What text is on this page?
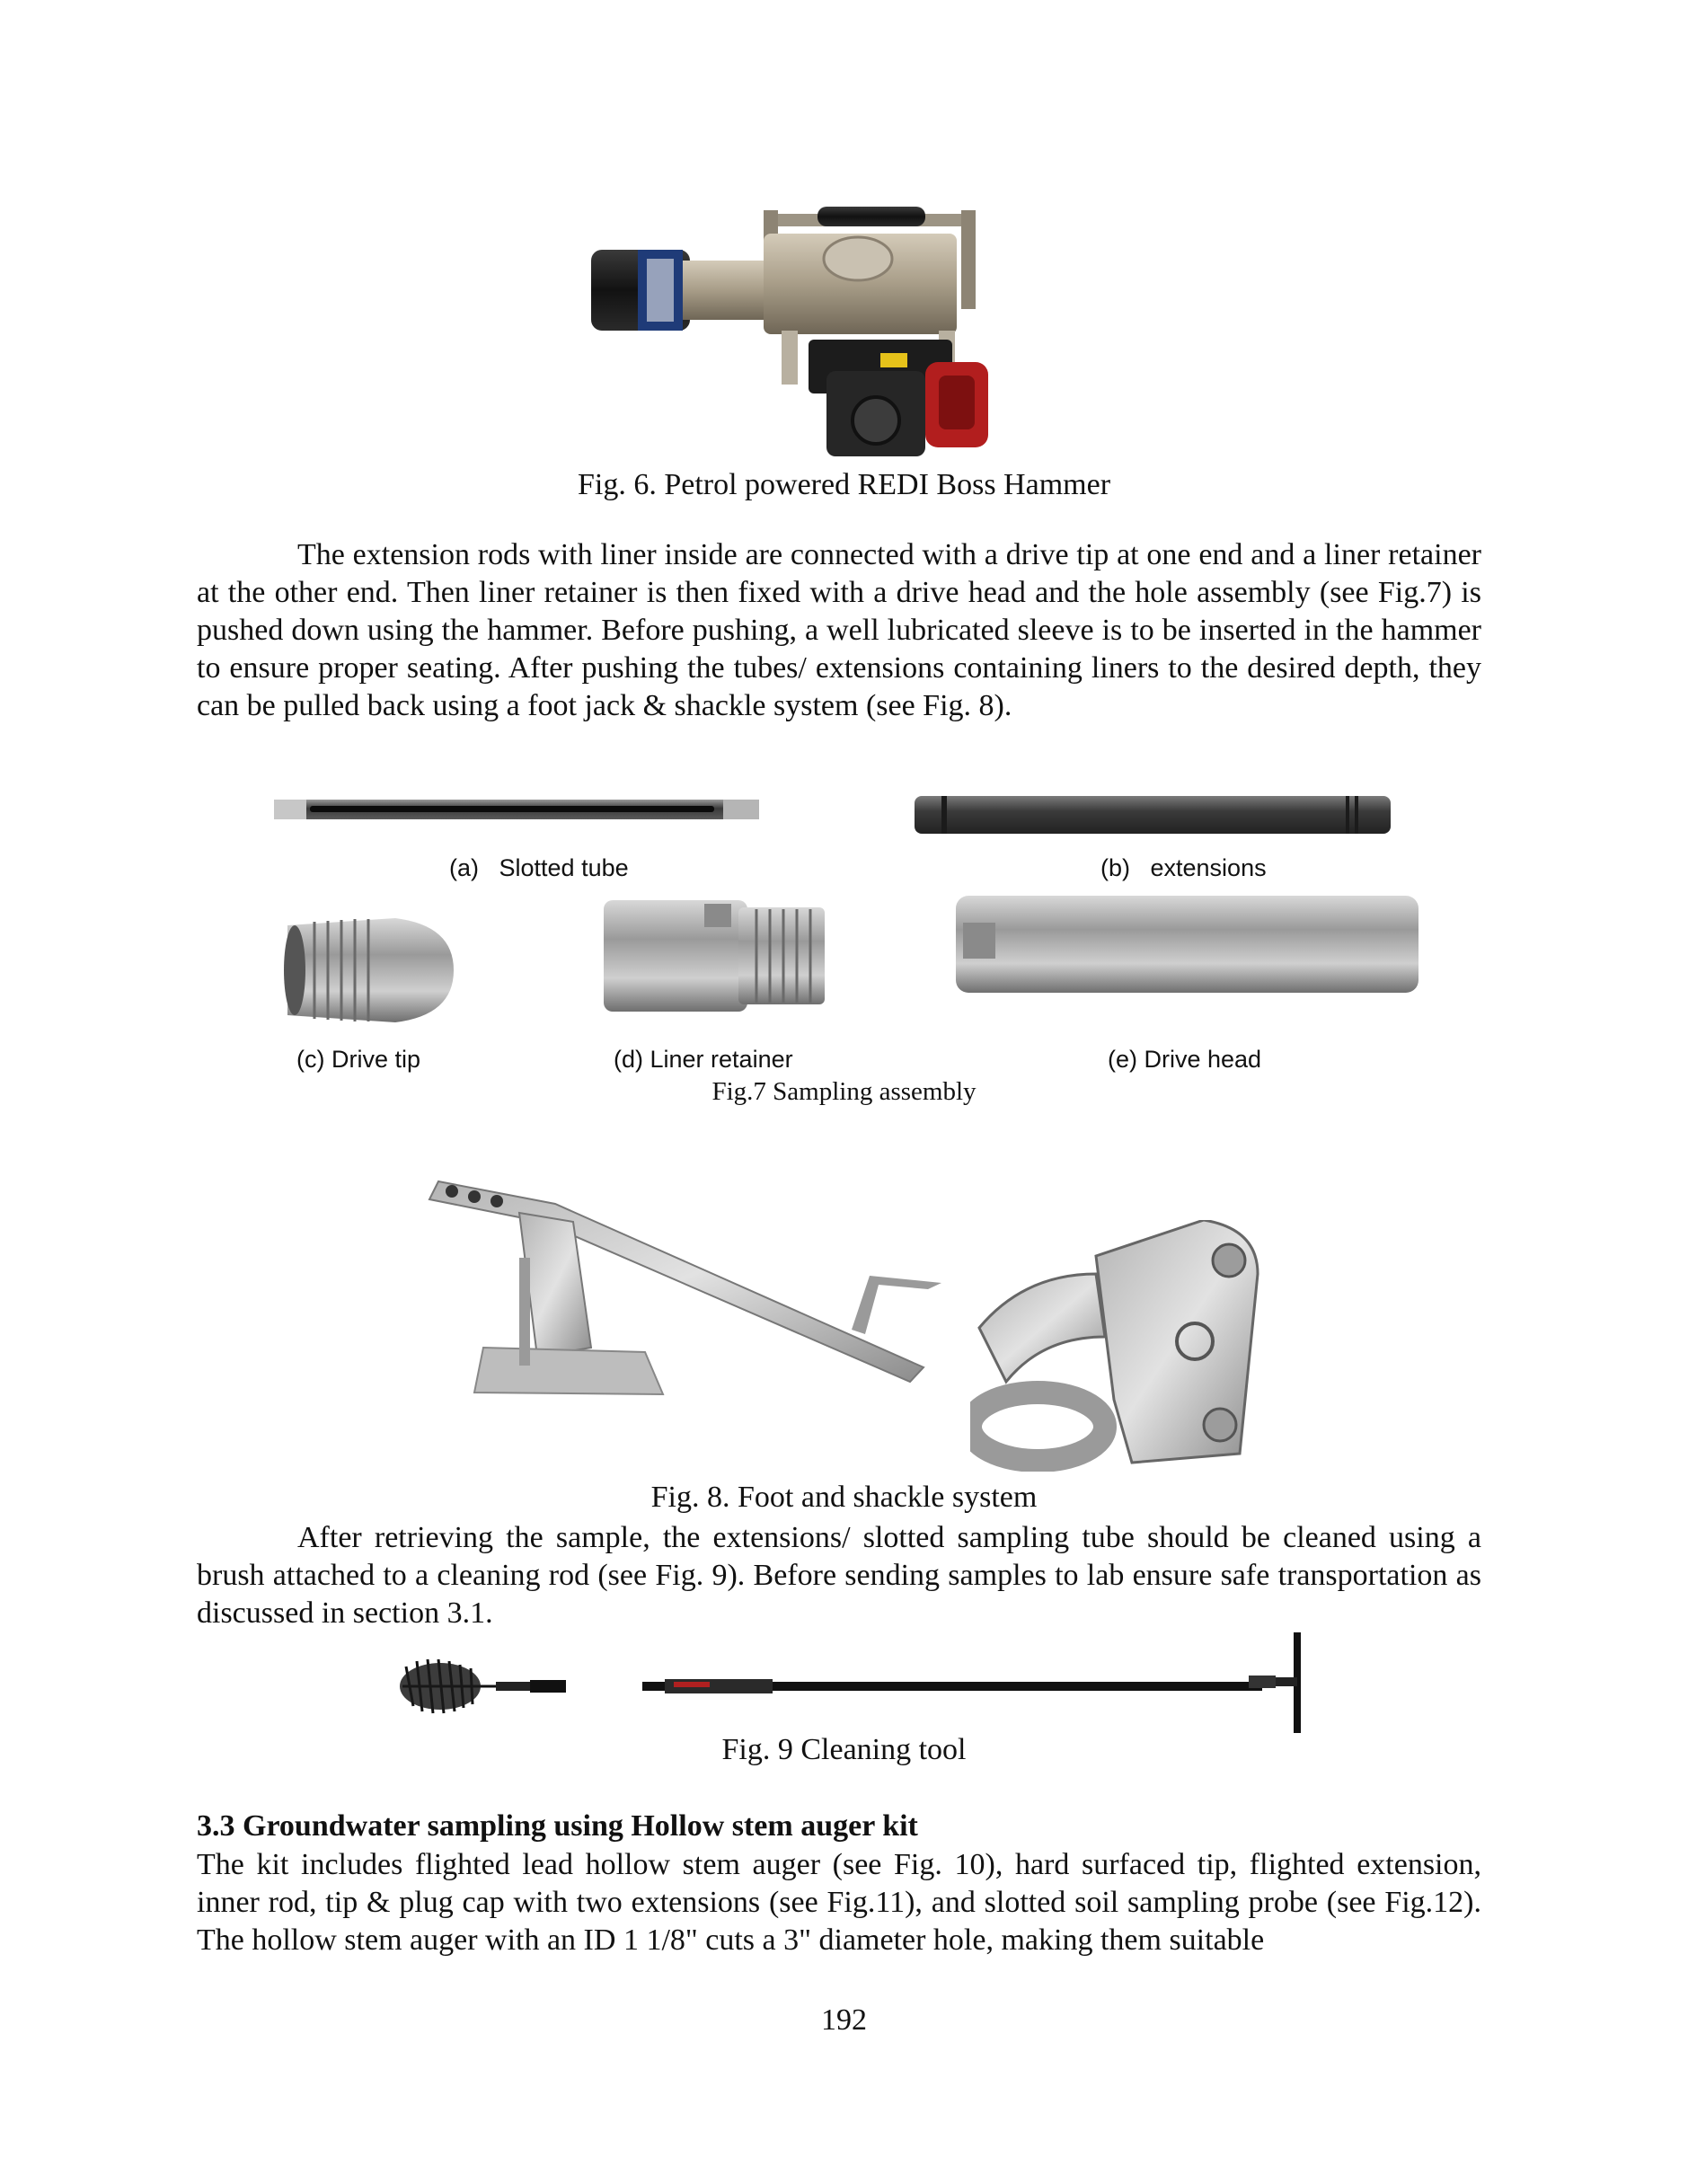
Fig. 6. Petrol powered REDI Boss Hammer
The extension rods with liner inside are connected with a drive tip at one end and a liner retainer at the other end. Then liner retainer is then fixed with a drive head and the hole assembly (see Fig.7) is pushed down using the hammer. Before pushing, a well lubricated sleeve is to be inserted in the hammer to ensure proper seating. After pushing the tubes/ extensions containing liners to the desired depth, they can be pulled back using a foot jack & shackle system (see Fig. 8).
(a)   Slotted tube	(b)   extensions
(c) Drive tip	(d) Liner retainer	(e) Drive head
Fig.7 Sampling assembly
Fig. 8. Foot and shackle system
After retrieving the sample, the extensions/ slotted sampling tube should be cleaned using a brush attached to a cleaning rod (see Fig. 9). Before sending samples to lab ensure safe transportation as discussed in section 3.1.
Fig. 9 Cleaning tool
3.3 Groundwater sampling using Hollow stem auger kit
The kit includes flighted lead hollow stem auger (see Fig. 10), hard surfaced tip, flighted extension, inner rod, tip & plug cap with two extensions (see Fig.11), and slotted soil sampling probe (see Fig.12). The hollow stem auger with an ID 1 1/8" cuts a 3" diameter hole, making them suitable
192
